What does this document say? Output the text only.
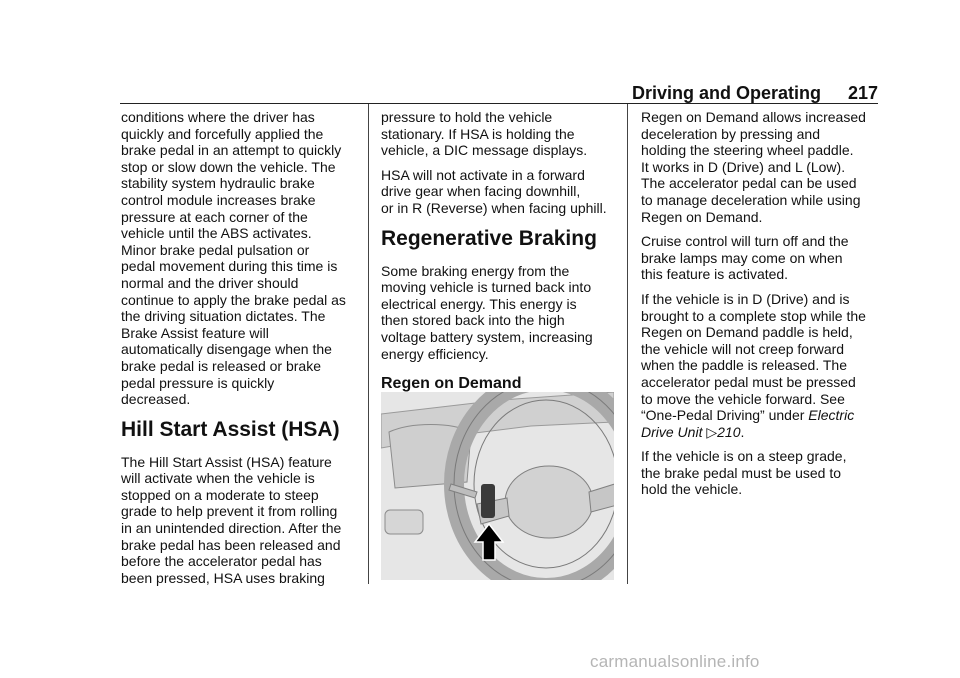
Driving and Operating 217

conditions where the driver has
quickly and forcefully applied the
brake pedal in an attempt to quickly
stop or slow down the vehicle. The
stability system hydraulic brake
control module increases brake
pressure at each corner of the
vehicle until the ABS activates.
Minor brake pedal pulsation or
pedal movement during this time is
normal and the driver should
continue to apply the brake pedal as
the driving situation dictates. The
Brake Assist feature will
automatically disengage when the
brake pedal is released or brake
pedal pressure is quickly
decreased.

Hill Start Assist (HSA)

The Hill Start Assist (HSA) feature
will activate when the vehicle is
stopped on a moderate to steep
grade to help prevent it from rolling
in an unintended direction. After the
brake pedal has been released and
before the accelerator pedal has
been pressed, HSA uses braking

pressure to hold the vehicle
stationary. If HSA is holding the
vehicle, a DIC message displays.

HSA will not activate in a forward
drive gear when facing downhill,
or in R (Reverse) when facing uphill.

Regenerative Braking

Some braking energy from the
moving vehicle is turned back into
electrical energy. This energy is
then stored back into the high
voltage battery system, increasing
energy efficiency.

Regen on Demand

Regen on Demand allows increased
deceleration by pressing and
holding the steering wheel paddle.
It works in D (Drive) and L (Low).
The accelerator pedal can be used
to manage deceleration while using
Regen on Demand.

Cruise control will turn off and the
brake lamps may come on when
this feature is activated.

If the vehicle is in D (Drive) and is
brought to a complete stop while the
Regen on Demand paddle is held,
the vehicle will not creep forward
when the paddle is released. The
accelerator pedal must be pressed
to move the vehicle forward. See
“One-Pedal Driving” under Electric
Drive Unit ▷210.

If the vehicle is on a steep grade,
the brake pedal must be used to
hold the vehicle.

carmanualsonline.info
